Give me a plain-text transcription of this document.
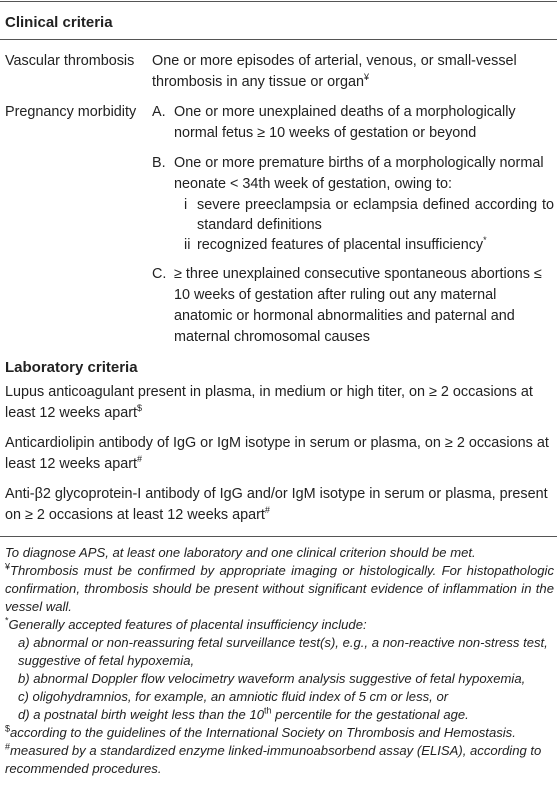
Clinical criteria
Vascular thrombosis	One or more episodes of arterial, venous, or small-vessel thrombosis in any tissue or organ¥
Pregnancy morbidity	A. One or more unexplained deaths of a morphologically normal fetus ≥ 10 weeks of gestation or beyond
B. One or more premature births of a morphologically normal neonate < 34th week of gestation, owing to:
i severe preeclampsia or eclampsia defined according to standard definitions
ii recognized features of placental insufficiency*
C. ≥ three unexplained consecutive spontaneous abortions ≤ 10 weeks of gestation after ruling out any maternal anatomic or hormonal abnormalities and paternal and maternal chromosomal causes
Laboratory criteria
Lupus anticoagulant present in plasma, in medium or high titer, on ≥ 2 occasions at least 12 weeks apart$
Anticardiolipin antibody of IgG or IgM isotype in serum or plasma, on ≥ 2 occasions at least 12 weeks apart#
Anti-β2 glycoprotein-I antibody of IgG and/or IgM isotype in serum or plasma, present on ≥ 2 occasions at least 12 weeks apart#
To diagnose APS, at least one laboratory and one clinical criterion should be met.
¥Thrombosis must be confirmed by appropriate imaging or histologically. For histopathologic confirmation, thrombosis should be present without significant evidence of inflammation in the vessel wall.
*Generally accepted features of placental insufficiency include:
a) abnormal or non-reassuring fetal surveillance test(s), e.g., a non-reactive non-stress test, suggestive of fetal hypoxemia,
b) abnormal Doppler flow velocimetry waveform analysis suggestive of fetal hypoxemia,
c) oligohydramnios, for example, an amniotic fluid index of 5 cm or less, or
d) a postnatal birth weight less than the 10th percentile for the gestational age.
$according to the guidelines of the International Society on Thrombosis and Hemostasis.
#measured by a standardized enzyme linked-immunoabsorbend assay (ELISA), according to recommended procedures.
